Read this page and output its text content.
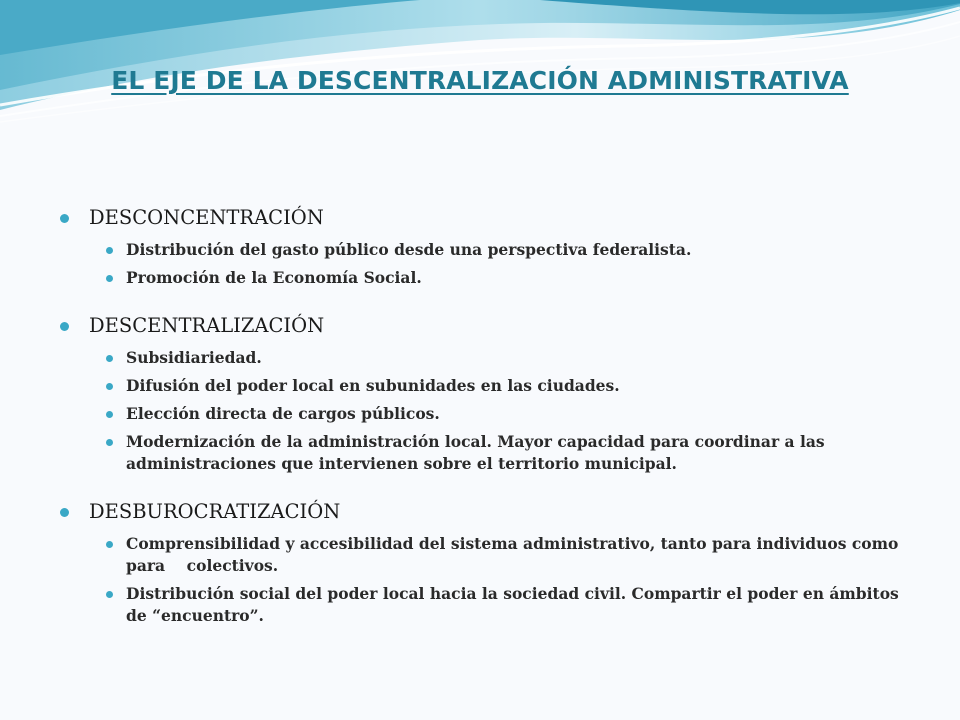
EL EJE DE LA DESCENTRALIZACIÓN ADMINISTRATIVA
DESCONCENTRACIÓN
Distribución del gasto público desde una perspectiva federalista.
Promoción de la Economía Social.
DESCENTRALIZACIÓN
Subsidiariedad.
Difusión del poder local en subunidades en las ciudades.
Elección directa de cargos públicos.
Modernización de la administración local. Mayor capacidad para coordinar a las administraciones que intervienen sobre el territorio municipal.
DESBUROCRATIZACIÓN
Comprensibilidad y accesibilidad del sistema administrativo, tanto para individuos como para    colectivos.
Distribución social del poder local hacia la sociedad civil. Compartir el poder en ámbitos de “encuentro”.
